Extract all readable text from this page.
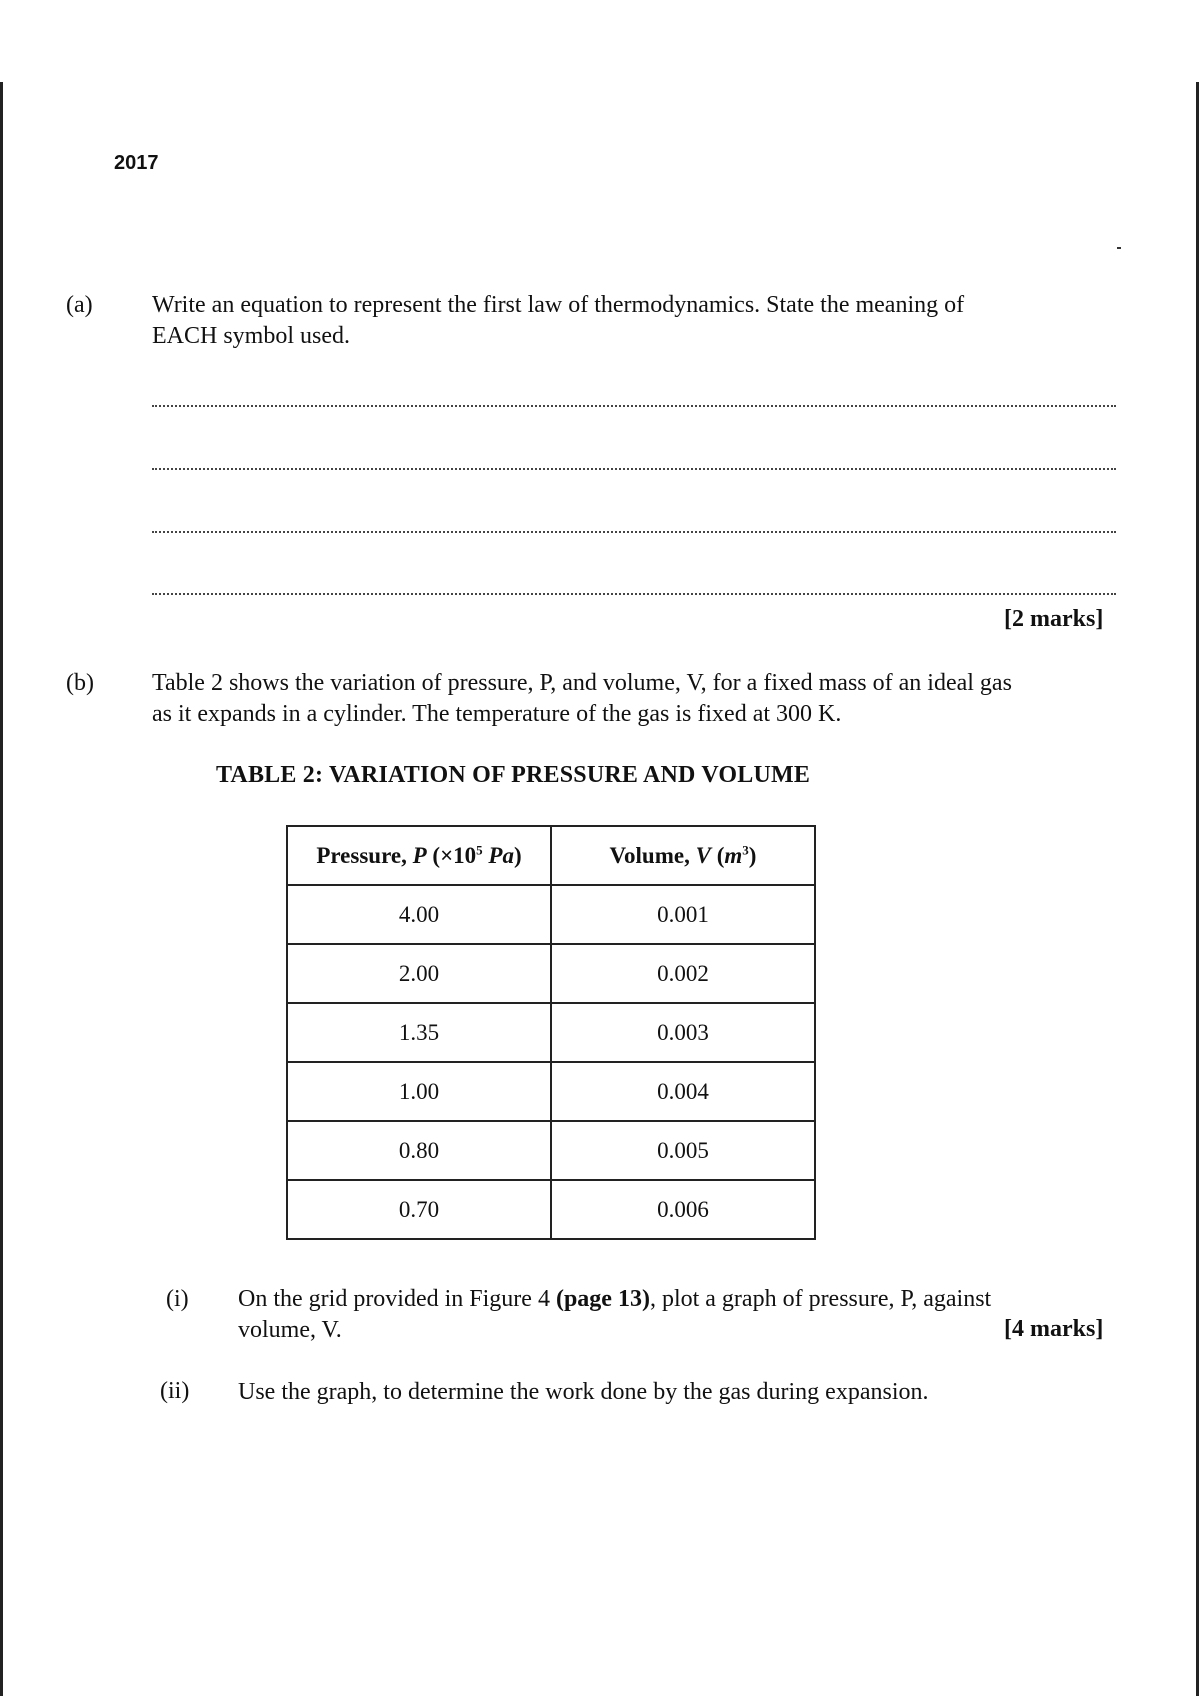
2017
(a) Write an equation to represent the first law of thermodynamics. State the meaning of
EACH symbol used.
[2 marks]
(b) Table 2 shows the variation of pressure, P, and volume, V, for a fixed mass of an ideal gas
as it expands in a cylinder. The temperature of the gas is fixed at 300 K.
TABLE 2: VARIATION OF PRESSURE AND VOLUME
Pressure, P ($\times 10^5$ Pa)	Volume, V $(m^3)$
4.00	0.001
2.00	0.002
1.35	0.003
1.00	0.004
0.80	0.005
0.70	0.006
(i) On the grid provided in Figure 4 (page 13), plot a graph of pressure, P, against
volume, V.	[4 marks]
(ii) Use the graph, to determine the work done by the gas during expansion.
